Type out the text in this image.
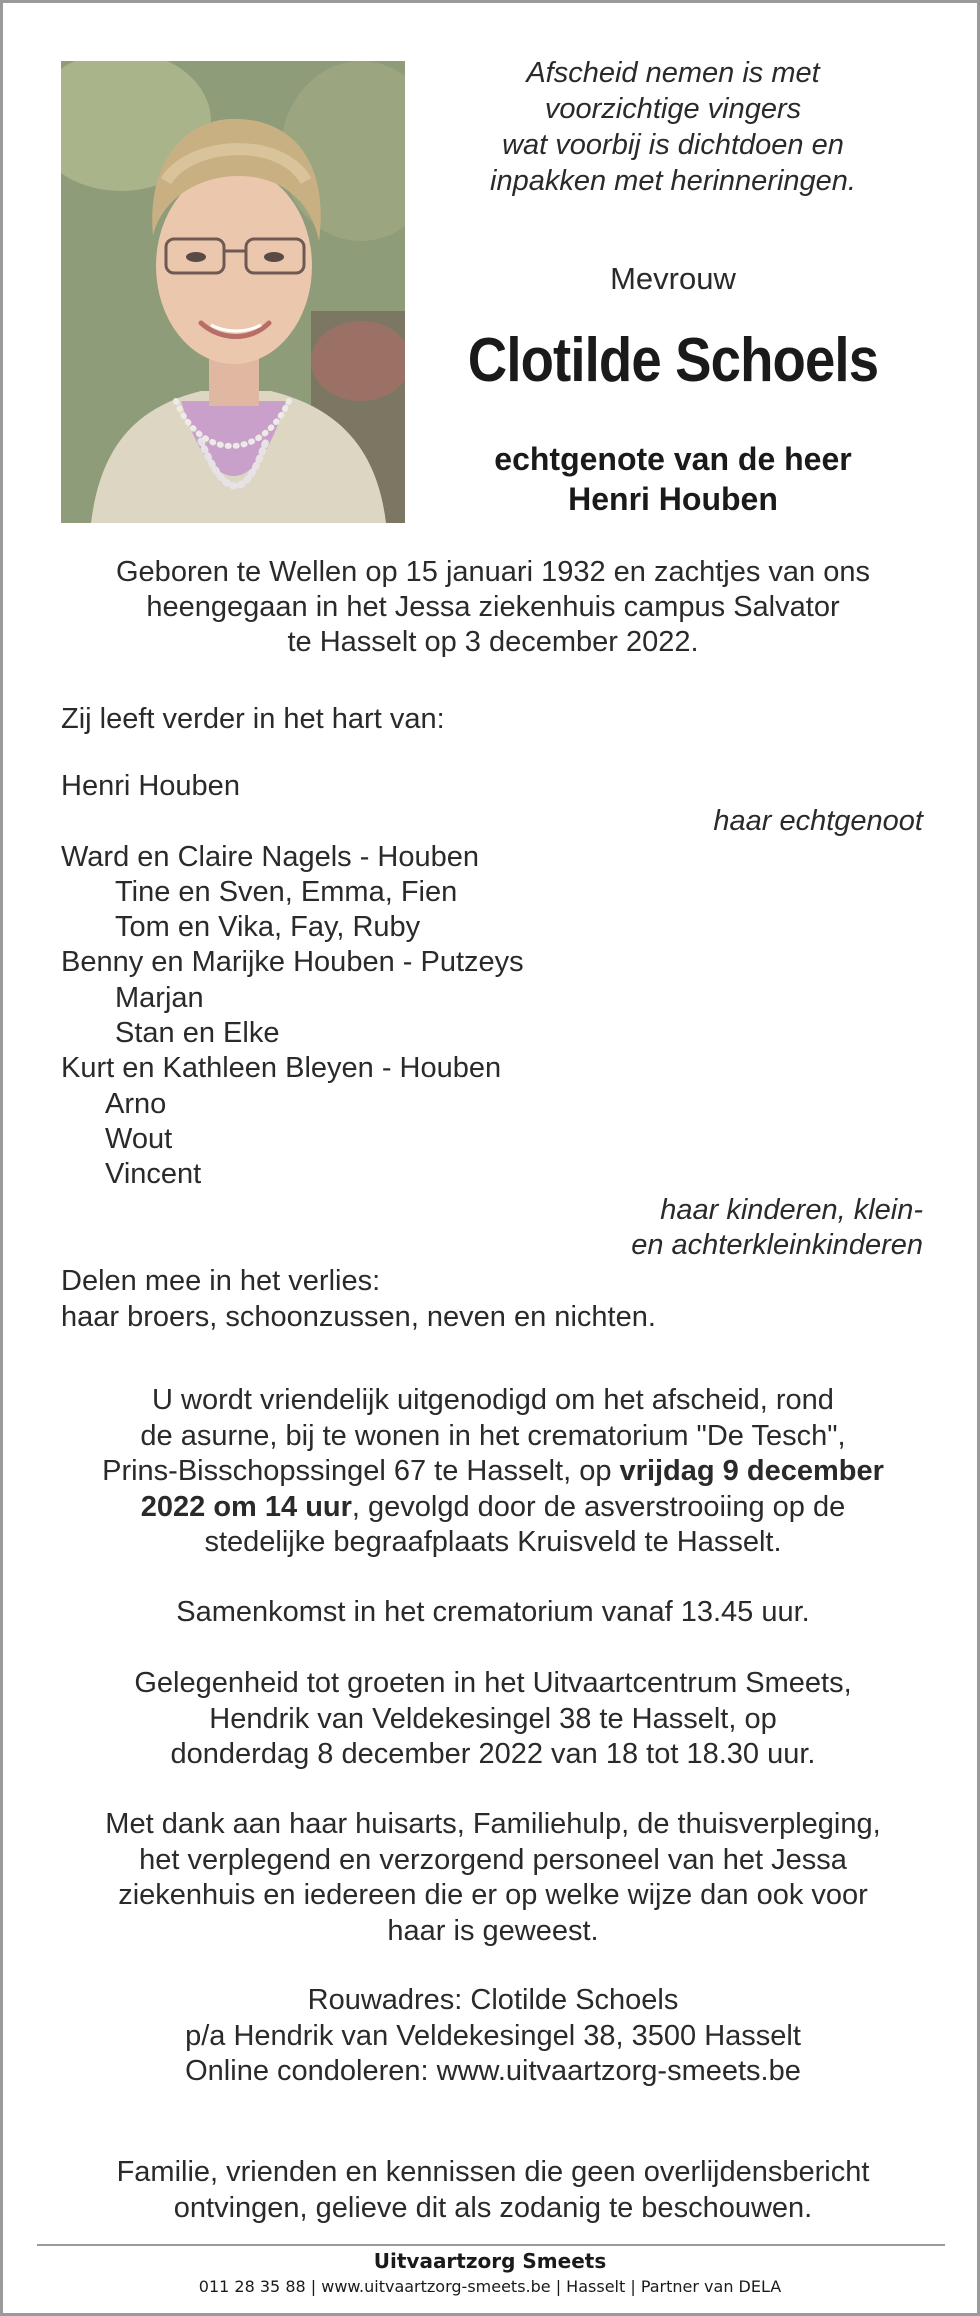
Afscheid nemen is met
voorzichtige vingers
wat voorbij is dichtdoen en
inpakken met herinneringen.
Mevrouw
Clotilde Schoels
echtgenote van de heer
Henri Houben
Geboren te Wellen op 15 januari 1932 en zachtjes van ons
heengegaan in het Jessa ziekenhuis campus Salvator
te Hasselt op 3 december 2022.
Zij leeft verder in het hart van:
Henri Houben
haar echtgenoot
Ward en Claire Nagels - Houben
Tine en Sven, Emma, Fien
Tom en Vika, Fay, Ruby
Benny en Marijke Houben - Putzeys
Marjan
Stan en Elke
Kurt en Kathleen Bleyen - Houben
Arno
Wout
Vincent
haar kinderen, klein-
en achterkleinkinderen
Delen mee in het verlies:
haar broers, schoonzussen, neven en nichten.
U wordt vriendelijk uitgenodigd om het afscheid, rond
de asurne, bij te wonen in het crematorium "De Tesch",
Prins-Bisschopssingel 67 te Hasselt, op vrijdag 9 december
2022 om 14 uur, gevolgd door de asverstrooiing op de
stedelijke begraafplaats Kruisveld te Hasselt.
Samenkomst in het crematorium vanaf 13.45 uur.
Gelegenheid tot groeten in het Uitvaartcentrum Smeets,
Hendrik van Veldekesingel 38 te Hasselt, op
donderdag 8 december 2022 van 18 tot 18.30 uur.
Met dank aan haar huisarts, Familiehulp, de thuisverpleging,
het verplegend en verzorgend personeel van het Jessa
ziekenhuis en iedereen die er op welke wijze dan ook voor
haar is geweest.
Rouwadres: Clotilde Schoels
p/a Hendrik van Veldekesingel 38, 3500 Hasselt
Online condoleren: www.uitvaartzorg-smeets.be
Familie, vrienden en kennissen die geen overlijdensbericht
ontvingen, gelieve dit als zodanig te beschouwen.
Uitvaartzorg Smeets
011 28 35 88 | www.uitvaartzorg-smeets.be | Hasselt | Partner van DELA
